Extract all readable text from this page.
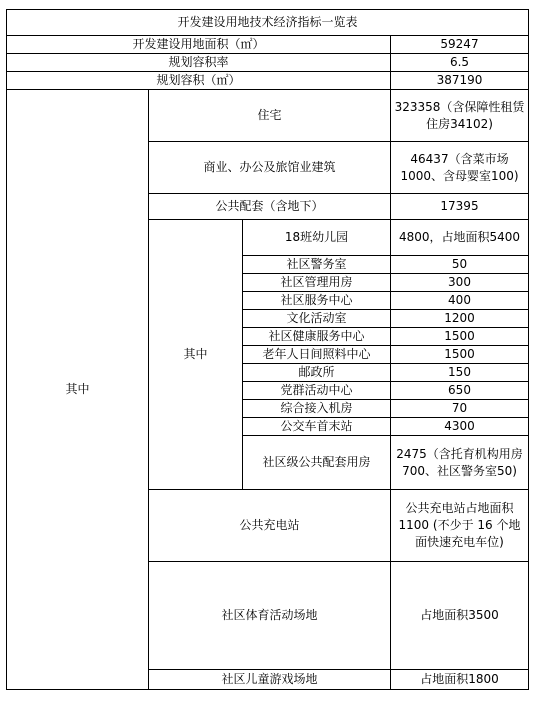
开发建设用地技术经济指标一览表			
开发建设用地面积（㎡）			59247
规划容积率			6.5
规划容积（㎡）			387190
其中	住宅		323358（含保障性租赁住房34102)
	商业、办公及旅馆业建筑		46437（含菜市场1000、含母婴室100)
	公共配套（含地下）		17395
	其中	18班幼儿园	4800，占地面积5400
		社区警务室	50
		社区管理用房	300
		社区服务中心	400
		文化活动室	1200
		社区健康服务中心	1500
		老年人日间照料中心	1500
		邮政所	150
		党群活动中心	650
		综合接入机房	70
		公交车首末站	4300
		社区级公共配套用房	2475（含托育机构用房700、社区警务室50)
	公共充电站		公共充电站占地面积1100 (不少于 16 个地面快速充电车位)
	社区体育活动场地		占地面积3500
	社区儿童游戏场地		占地面积1800
